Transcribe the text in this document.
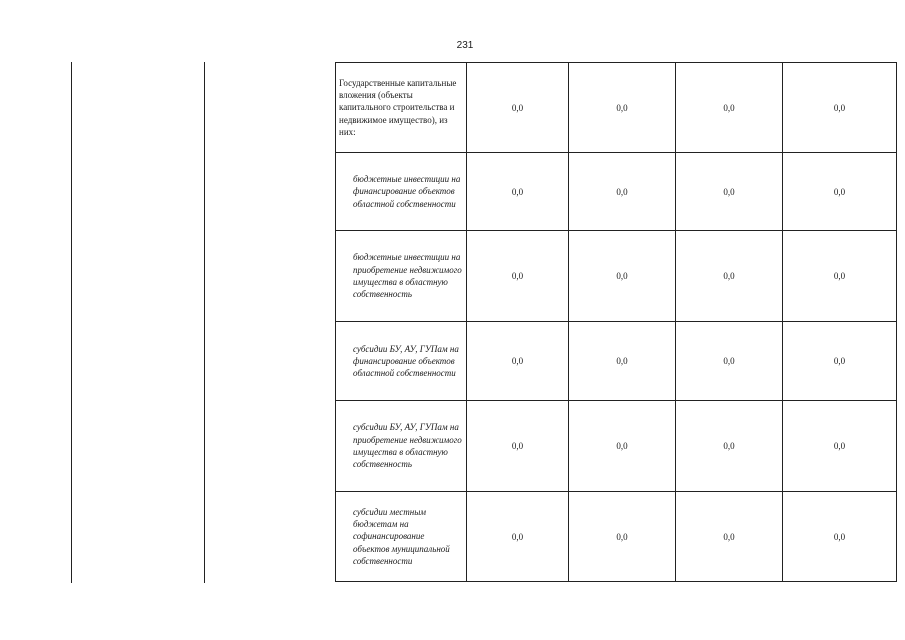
231
Государственные капитальные вложения (объекты капитального строительства и недвижимое имущество), из них:	0,0	0,0	0,0	0,0
бюджетные инвестиции на финансирование объектов областной собственности	0,0	0,0	0,0	0,0
бюджетные инвестиции на приобретение недвижимого имущества в областную собственность	0,0	0,0	0,0	0,0
субсидии БУ, АУ, ГУПам на финансирование объектов областной собственности	0,0	0,0	0,0	0,0
субсидии БУ, АУ, ГУПам на приобретение недвижимого имущества в областную собственность	0,0	0,0	0,0	0,0
субсидии местным бюджетам на софинансирование объектов муниципальной собственности	0,0	0,0	0,0	0,0
